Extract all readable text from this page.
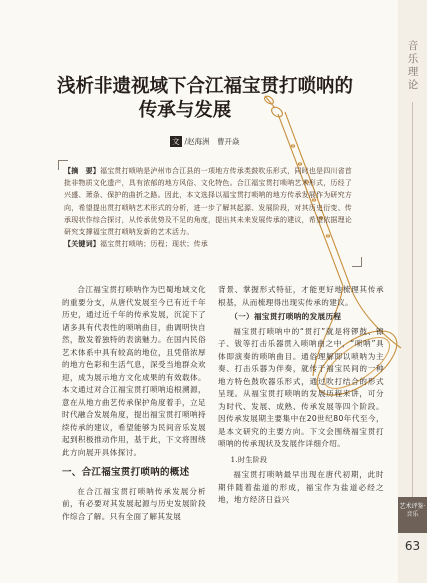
音乐理论
艺术评鉴·音乐
63
浅析非遗视域下合江福宝贯打唢呐的
传承与发展
文 /赵海洲　曹开焱

【摘　要】福宝贯打唢呐是泸州市合江县的一项地方传承类鼓吹乐形式，同时也是四川省首批非物质文化遗产，具有浓郁的地方风俗、文化特色。合江福宝贯打唢呐艺术形式，历经了兴盛、萧条、保护的曲折之路。因此，本文选择以福宝贯打唢呐的地方传承发展作为研究方向，希望提出贯打唢呐艺术形式的分析，进一步了解其起源、发展阶段，对其历史衍变、传承现状作综合探讨，从传承优势及不足的角度，提出其未来发展传承的建议，希望依据理论研究支撑福宝贯打唢呐发新的艺术活力。

【关键词】福宝贯打唢呐；历程；现状；传承

合江福宝贯打唢呐作为巴蜀地域文化的重要分支，从唐代发展至今已有近千年历史，通过近千年的传承发展，沉淀下了诸多具有代表性的唢呐曲目，曲调明快自然，散发着独特的表演魅力。在国内民俗艺术体系中具有较高的地位，且凭借浓厚的地方色彩和生活气息，深受当地群众欢迎，成为展示地方文化成果的有效载体。本文通过对合江福宝贯打唢呐追根溯源，意在从地方曲艺传承保护角度着手，立足时代融合发展角度，提出福宝贯打唢呐持续传承的建议，希望能够为民间音乐发展起到积极推动作用，基于此，下文将围绕此方向展开具体探讨。

一、合江福宝贯打唢呐的概述

在合江福宝贯打唢呐传承发展分析前，有必要对其发展起源与历史发展阶段作综合了解。只有全面了解其发展

背景、掌握形式特征，才能更好地梳理其传承根基，从而梳理得出现实传承的建议。

（一）福宝贯打唢呐的发展历程

福宝贯打唢呐中的“贯打”就是将锣鼓、镲子、钹等打击乐器贯入唢呐曲之中，“唢呐”具体即演奏的唢呐曲目。通俗理解即以唢呐为主奏、打击乐器为伴奏，就传于福宝民间的一种地方特色鼓吹器乐形式，通过吹打结合的形式呈现。从福宝贯打唢呐的发展历程来讲，可分为时代、发展、成熟、传承发展等四个阶段。因传承发展期主要集中在20世纪80年代至今，是本文研究的主要方向。下文会围绕福宝贯打唢呐的传承现状及发展作详细介绍。

1.时生阶段

福宝贯打唢呐最早出现在唐代初期，此时期伴随着盐道的形成，福宝作为盐道必经之地，地方经济日益兴
